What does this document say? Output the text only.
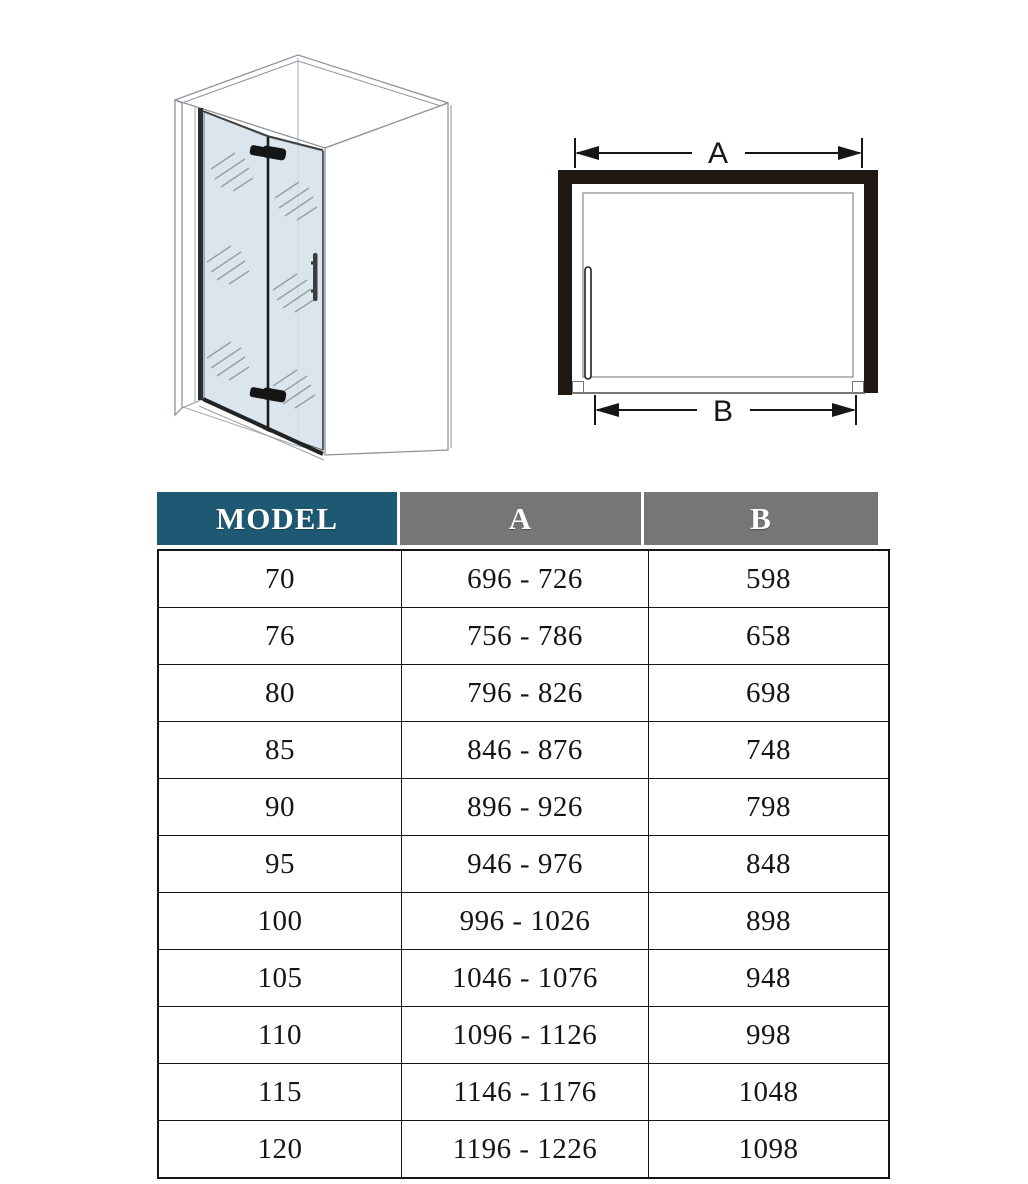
A
B
MODEL	A	B
70	696 - 726	598
76	756 - 786	658
80	796 - 826	698
85	846 - 876	748
90	896 - 926	798
95	946 - 976	848
100	996 - 1026	898
105	1046 - 1076	948
110	1096 - 1126	998
115	1146 - 1176	1048
120	1196 - 1226	1098
